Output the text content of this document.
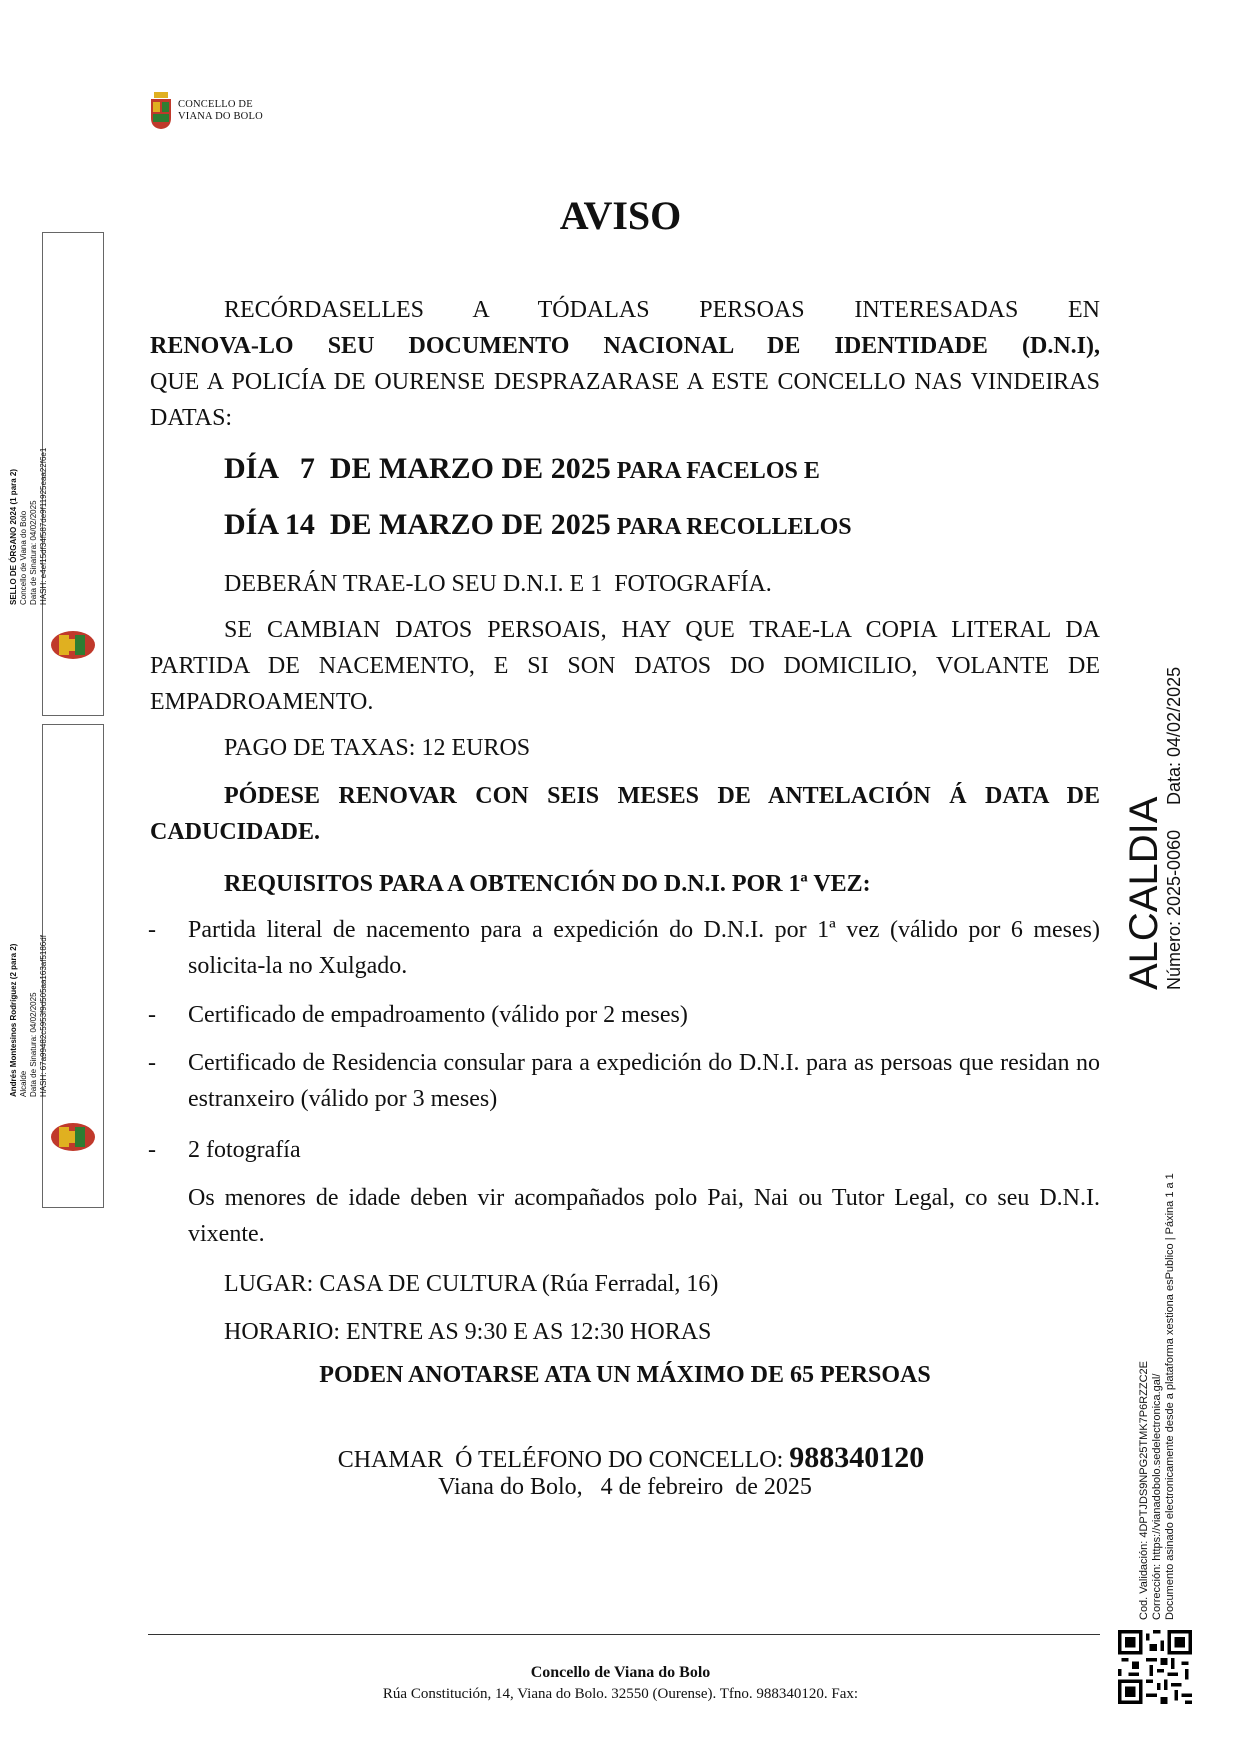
CONCELLO DE
VIANA DO BOLO
AVISO
RECÓRDASELLES A TÓDALAS PERSOAS INTERESADAS EN
RENOVA-LO SEU DOCUMENTO NACIONAL DE IDENTIDADE (D.N.I),
QUE A POLICÍA DE OURENSE DESPRAZARASE A ESTE CONCELLO NAS VINDEIRAS DATAS:
DÍA   7  DE MARZO DE 2025 PARA FACELOS E
DÍA 14  DE MARZO DE 2025 PARA RECOLLELOS
DEBERÁN TRAE-LO SEU D.N.I. E 1  FOTOGRAFÍA.
SE CAMBIAN DATOS PERSOAIS, HAY QUE TRAE-LA COPIA LITERAL DA PARTIDA DE NACEMENTO, E SI SON DATOS DO DOMICILIO, VOLANTE DE EMPADROAMENTO.
PAGO DE TAXAS: 12 EUROS
PÓDESE RENOVAR CON SEIS MESES DE ANTELACIÓN Á DATA DE CADUCIDADE.
REQUISITOS PARA A OBTENCIÓN DO D.N.I. POR 1ª VEZ:
-	Partida literal de nacemento para a expedición do D.N.I. por 1ª vez (válido por 6 meses) solicita-la no Xulgado.
-	Certificado de empadroamento (válido por 2 meses)
-	Certificado de Residencia consular para a expedición do D.N.I. para as persoas que residan no estranxeiro (válido por 3 meses)
-	2 fotografía
Os menores de idade deben vir acompañados polo Pai, Nai ou Tutor Legal, co seu D.N.I. vixente.
LUGAR: CASA DE CULTURA (Rúa Ferradal, 16)
HORARIO: ENTRE AS 9:30 E AS 12:30 HORAS
PODEN ANOTARSE ATA UN MÁXIMO DE 65 PERSOAS

CHAMAR  Ó TELÉFONO DO CONCELLO: 988340120

Viana do Bolo,   4 de febreiro  de 2025
SELLO DE ÓRGANO 2024 (1 para 2)
Concello de Viana do Bolo
Data de Sinatura: 04/02/2025
HASH: e4ef15df34f587de9f11925eaa22f6e1
Andrés Montesinos Rodríguez (2 para 2)
Alcalde
Data de Sinatura: 04/02/2025
HASH: 67a99482c5953f9d505aa163af5186df
ALCALDIA
Número: 2025-0060
Data: 04/02/2025
Cod. Validación: 4DPTJDS9NPG25TMK7P6RZZC2E Corrección: https://vianadobolo.sedelectronica.gal/ Documento asinado electronicamente desde a plataforma xestiona esPublico | Páxina 1 a 1
Concello de Viana do Bolo
Rúa Constitución, 14, Viana do Bolo. 32550 (Ourense). Tfno. 988340120. Fax:
